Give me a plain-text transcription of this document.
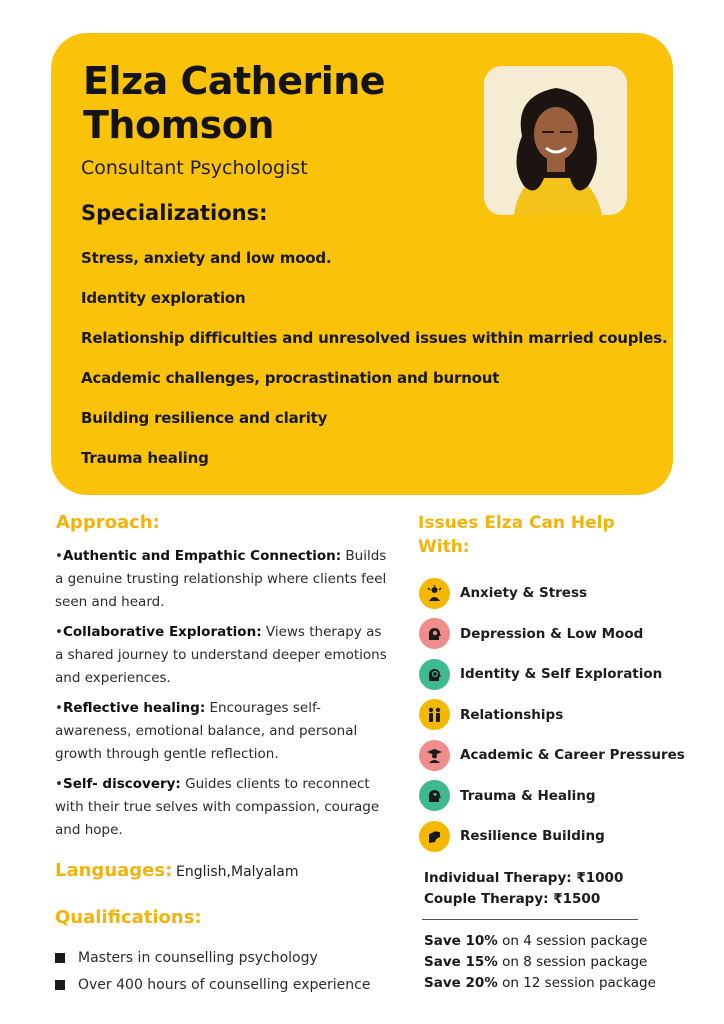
Elza Catherine
Thomson
Consultant Psychologist
Specializations:
Stress, anxiety and low mood.
Identity exploration
Relationship difficulties and unresolved issues within married couples.
Academic challenges, procrastination and burnout
Building resilience and clarity
Trauma healing
Approach:

•Authentic and Empathic Connection: Builds a genuine trusting relationship where clients feel seen and heard.

•Collaborative Exploration: Views therapy as a shared journey to understand deeper emotions and experiences.

•Reflective healing: Encourages self-awareness, emotional balance, and personal growth through gentle reflection.

•Self- discovery: Guides clients to reconnect with their true selves with compassion, courage and hope.

Languages: English,Malyalam
Qualifications:
Masters in counselling psychology
Over 400 hours of counselling experience
Issues Elza Can Help With:
Anxiety & Stress
Depression & Low Mood
Identity & Self Exploration
Relationships
Academic & Career Pressures
Trauma & Healing
Resilience Building
Individual Therapy: ₹1000
Couple Therapy: ₹1500
Save 10% on 4 session package
Save 15% on 8 session package
Save 20% on 12 session package
